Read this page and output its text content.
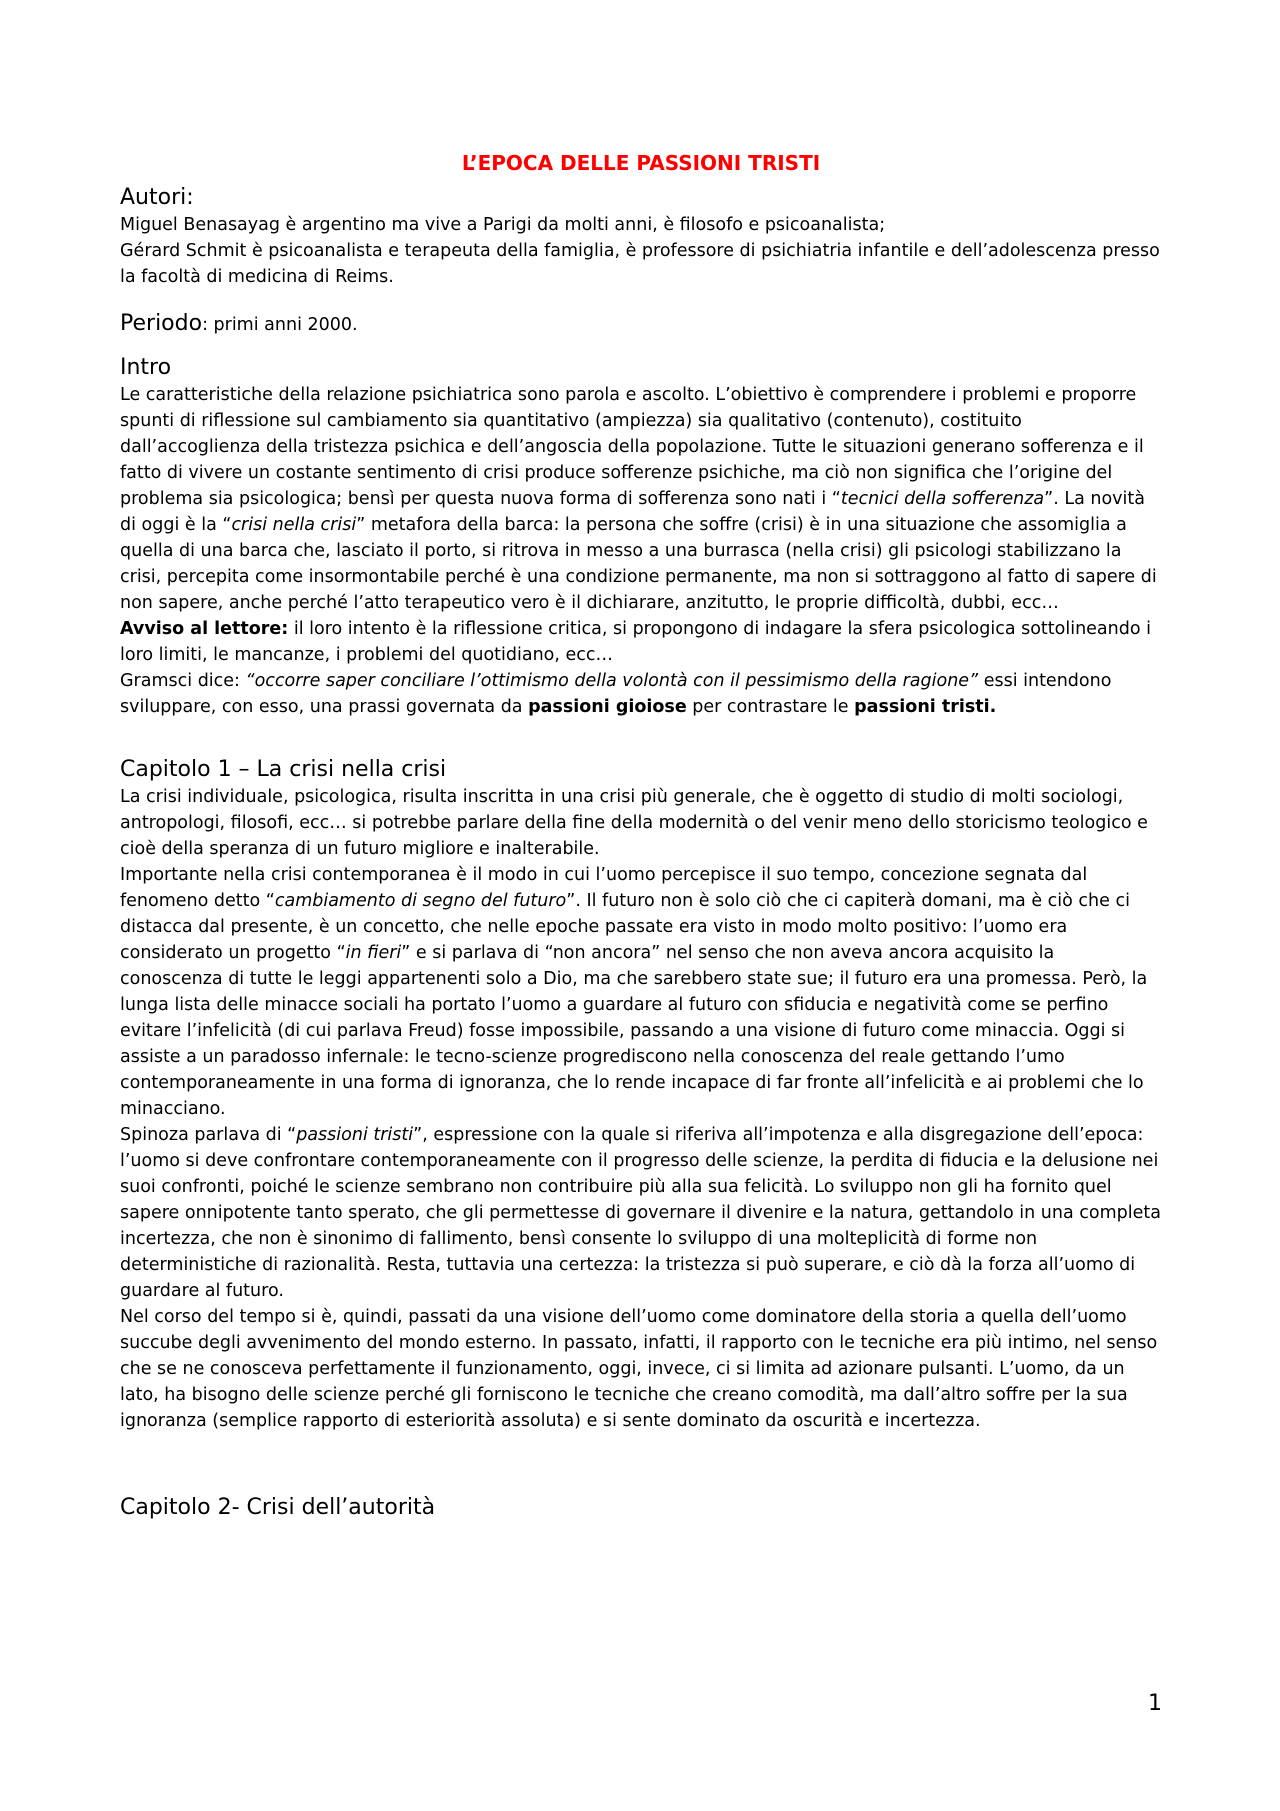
L’EPOCA DELLE PASSIONI TRISTI
Autori:

Miguel Benasayag è argentino ma vive a Parigi da molti anni, è filosofo e psicoanalista;

Gérard Schmit è psicoanalista e terapeuta della famiglia, è professore di psichiatria infantile e dell’adolescenza presso la facoltà di medicina di Reims.

Periodo: primi anni 2000.

Intro

Le caratteristiche della relazione psichiatrica sono parola e ascolto. L’obiettivo è comprendere i problemi e proporre spunti di riflessione sul cambiamento sia quantitativo (ampiezza) sia qualitativo (contenuto), costituito dall’accoglienza della tristezza psichica e dell’angoscia della popolazione. Tutte le situazioni generano sofferenza e il fatto di vivere un costante sentimento di crisi produce sofferenze psichiche, ma ciò non significa che l’origine del problema sia psicologica; bensì per questa nuova forma di sofferenza sono nati i “tecnici della sofferenza”. La novità di oggi è la “crisi nella crisi” metafora della barca: la persona che soffre (crisi) è in una situazione che assomiglia a quella di una barca che, lasciato il porto, si ritrova in messo a una burrasca (nella crisi) gli psicologi stabilizzano la crisi, percepita come insormontabile perché è una condizione permanente, ma non si sottraggono al fatto di sapere di non sapere, anche perché l’atto terapeutico vero è il dichiarare, anzitutto, le proprie difficoltà, dubbi, ecc…

Avviso al lettore: il loro intento è la riflessione critica, si propongono di indagare la sfera psicologica sottolineando i loro limiti, le mancanze, i problemi del quotidiano, ecc…

Gramsci dice: “occorre saper conciliare l’ottimismo della volontà con il pessimismo della ragione” essi intendono sviluppare, con esso, una prassi governata da passioni gioiose per contrastare le passioni tristi.

Capitolo 1 – La crisi nella crisi

La crisi individuale, psicologica, risulta inscritta in una crisi più generale, che è oggetto di studio di molti sociologi, antropologi, filosofi, ecc… si potrebbe parlare della fine della modernità o del venir meno dello storicismo teologico e cioè della speranza di un futuro migliore e inalterabile.

Importante nella crisi contemporanea è il modo in cui l’uomo percepisce il suo tempo, concezione segnata dal fenomeno detto “cambiamento di segno del futuro”. Il futuro non è solo ciò che ci capiterà domani, ma è ciò che ci distacca dal presente, è un concetto, che nelle epoche passate era visto in modo molto positivo: l’uomo era considerato un progetto “in fieri” e si parlava di “non ancora” nel senso che non aveva ancora acquisito la conoscenza di tutte le leggi appartenenti solo a Dio, ma che sarebbero state sue; il futuro era una promessa. Però, la lunga lista delle minacce sociali ha portato l’uomo a guardare al futuro con sfiducia e negatività come se perfino evitare l’infelicità (di cui parlava Freud) fosse impossibile, passando a una visione di futuro come minaccia. Oggi si assiste a un paradosso infernale: le tecno-scienze progrediscono nella conoscenza del reale gettando l’umo contemporaneamente in una forma di ignoranza, che lo rende incapace di far fronte all’infelicità e ai problemi che lo minacciano.

Spinoza parlava di “passioni tristi”, espressione con la quale si riferiva all’impotenza e alla disgregazione dell’epoca: l’uomo si deve confrontare contemporaneamente con il progresso delle scienze, la perdita di fiducia e la delusione nei suoi confronti, poiché le scienze sembrano non contribuire più alla sua felicità. Lo sviluppo non gli ha fornito quel sapere onnipotente tanto sperato, che gli permettesse di governare il divenire e la natura, gettandolo in una completa incertezza, che non è sinonimo di fallimento, bensì consente lo sviluppo di una molteplicità di forme non deterministiche di razionalità. Resta, tuttavia una certezza: la tristezza si può superare, e ciò dà la forza all’uomo di guardare al futuro.

Nel corso del tempo si è, quindi, passati da una visione dell’uomo come dominatore della storia a quella dell’uomo succube degli avvenimento del mondo esterno. In passato, infatti, il rapporto con le tecniche era più intimo, nel senso che se ne conosceva perfettamente il funzionamento, oggi, invece, ci si limita ad azionare pulsanti. L’uomo, da un lato, ha bisogno delle scienze perché gli forniscono le tecniche che creano comodità, ma dall’altro soffre per la sua ignoranza (semplice rapporto di esteriorità assoluta) e si sente dominato da oscurità e incertezza.

Capitolo 2- Crisi dell’autorità
1
